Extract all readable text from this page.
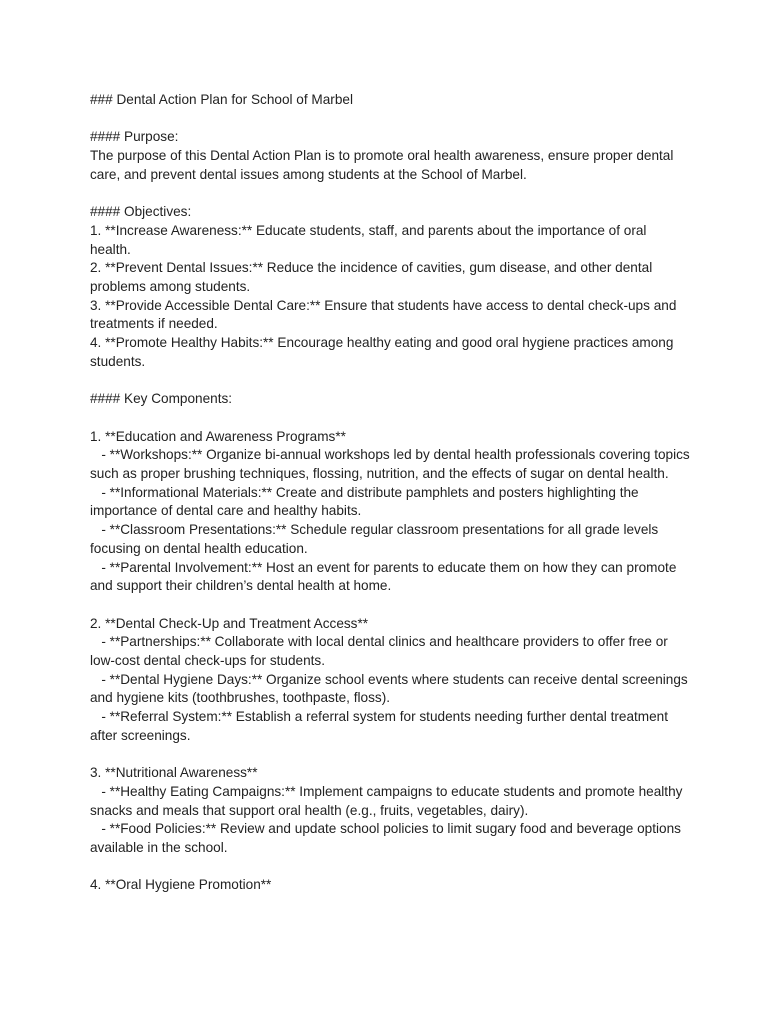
### Dental Action Plan for School of Marbel

#### Purpose:

The purpose of this Dental Action Plan is to promote oral health awareness, ensure proper dental care, and prevent dental issues among students at the School of Marbel.

#### Objectives:

1. **Increase Awareness:** Educate students, staff, and parents about the importance of oral health.

2. **Prevent Dental Issues:** Reduce the incidence of cavities, gum disease, and other dental problems among students.

3. **Provide Accessible Dental Care:** Ensure that students have access to dental check-ups and treatments if needed.

4. **Promote Healthy Habits:** Encourage healthy eating and good oral hygiene practices among students.

#### Key Components:

1. **Education and Awareness Programs**

- **Workshops:** Organize bi-annual workshops led by dental health professionals covering topics such as proper brushing techniques, flossing, nutrition, and the effects of sugar on dental health.

- **Informational Materials:** Create and distribute pamphlets and posters highlighting the importance of dental care and healthy habits.

- **Classroom Presentations:** Schedule regular classroom presentations for all grade levels focusing on dental health education.

- **Parental Involvement:** Host an event for parents to educate them on how they can promote and support their children’s dental health at home.

2. **Dental Check-Up and Treatment Access**

- **Partnerships:** Collaborate with local dental clinics and healthcare providers to offer free or low-cost dental check-ups for students.

- **Dental Hygiene Days:** Organize school events where students can receive dental screenings and hygiene kits (toothbrushes, toothpaste, floss).

- **Referral System:** Establish a referral system for students needing further dental treatment after screenings.

3. **Nutritional Awareness**

- **Healthy Eating Campaigns:** Implement campaigns to educate students and promote healthy snacks and meals that support oral health (e.g., fruits, vegetables, dairy).

- **Food Policies:** Review and update school policies to limit sugary food and beverage options available in the school.

4. **Oral Hygiene Promotion**
